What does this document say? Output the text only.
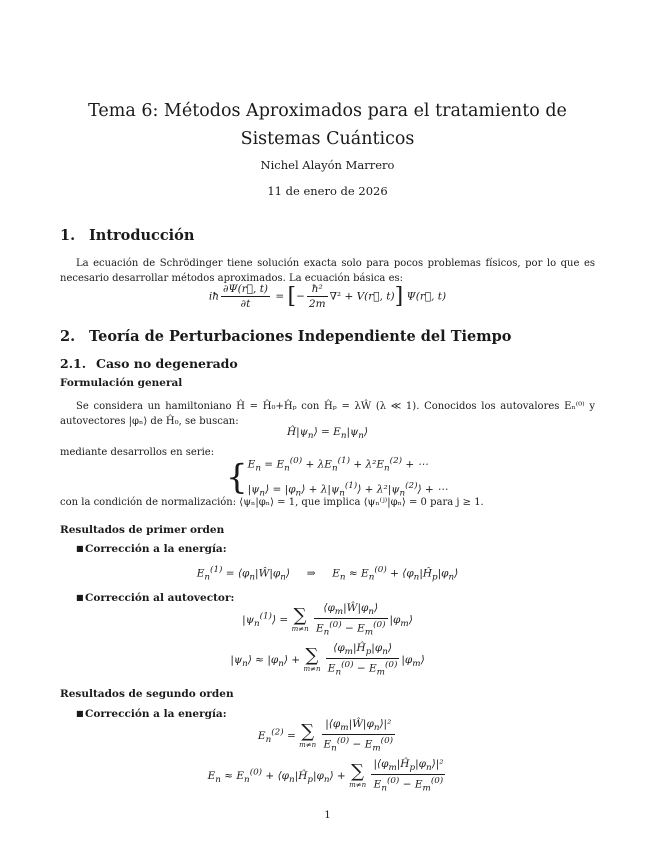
Tema 6: Métodos Aproximados para el tratamiento de Sistemas Cuánticos
Nichel Alayón Marrero
11 de enero de 2026
1. Introducción
La ecuación de Schrödinger tiene solución exacta solo para pocos problemas físicos, por lo que es necesario desarrollar métodos aproximados. La ecuación básica es:
iħ $\frac{\partial\Psi(r⃗, t)}{\partial t}$ = [− $\frac{\text{ħ²}}{2m} \nabla^2$ + V(r⃗, t)] Ψ(r⃗, t)
2. Teoría de Perturbaciones Independiente del Tiempo
2.1. Caso no degenerado
Formulación general
Se considera un hamiltoniano Ĥ = Ĥ₀+Ĥₚ con Ĥₚ = λŴ (λ ≪ 1). Conocidos los autovalores Eₙ⁽⁰⁾ y autovectores |φₙ⟩ de Ĥ₀, se buscan:
$Ĥ|\psi_n⟩$ = $E_n|\psi_n⟩$
mediante desarrollos en serie:
{$E_n = E_n^{(0)} + \lambda E_n^{(1)} + \lambda^2E_n^{(2)}$ + ⋯
$|\psi_n⟩$ = $|\varphi_n⟩$ + $\lambda|\psi_n^{(1)}⟩$ + $\lambda^2|\psi_n^{(2)}⟩$ + ⋯
con la condición de normalización: ⟨ψₙ|φₙ⟩ = 1, que implica ⟨ψₙ⁽ʲ⁾|φₙ⟩ = 0 para j ≥ 1.
Resultados de primer orden
■Corrección a la energía:
$E_n^{(1)}$ = $⟨\varphi_n|Ŵ|\varphi_n⟩$     ⇒     $E_n \approx E_n^{(0)}$ + $⟨\varphi_n|Ĥ_p|\varphi_n⟩$
■Corrección al autovector:
$|\psi_n^{(1)}⟩$ = ∑
m≠n
$\frac{⟨\varphi_m|Ŵ|\varphi_n⟩}{E_n^{(0)} - E_m^{(0)}}$ $|\varphi_m⟩$
$|\psi_n⟩$ ≈ $|\varphi_n⟩$ + ∑
m≠n
$\frac{⟨\varphi_m|Ĥ_p|\varphi_n⟩}{E_n^{(0)} - E_m^{(0)}}$ $|\varphi_m⟩$
Resultados de segundo orden
■Corrección a la energía:
$E_n^{(2)}$ = ∑
m≠n
$\frac{|⟨\varphi_m|Ŵ|\varphi_n⟩|^2}{E_n^{(0)} - E_m^{(0)}}$
$E_n \approx E_n^{(0)}$ + $⟨\varphi_n|Ĥ_p|\varphi_n⟩$ + ∑
m≠n
$\frac{|⟨\varphi_m|Ĥ_p|\varphi_n⟩|^2}{E_n^{(0)} - E_m^{(0)}}$
1
